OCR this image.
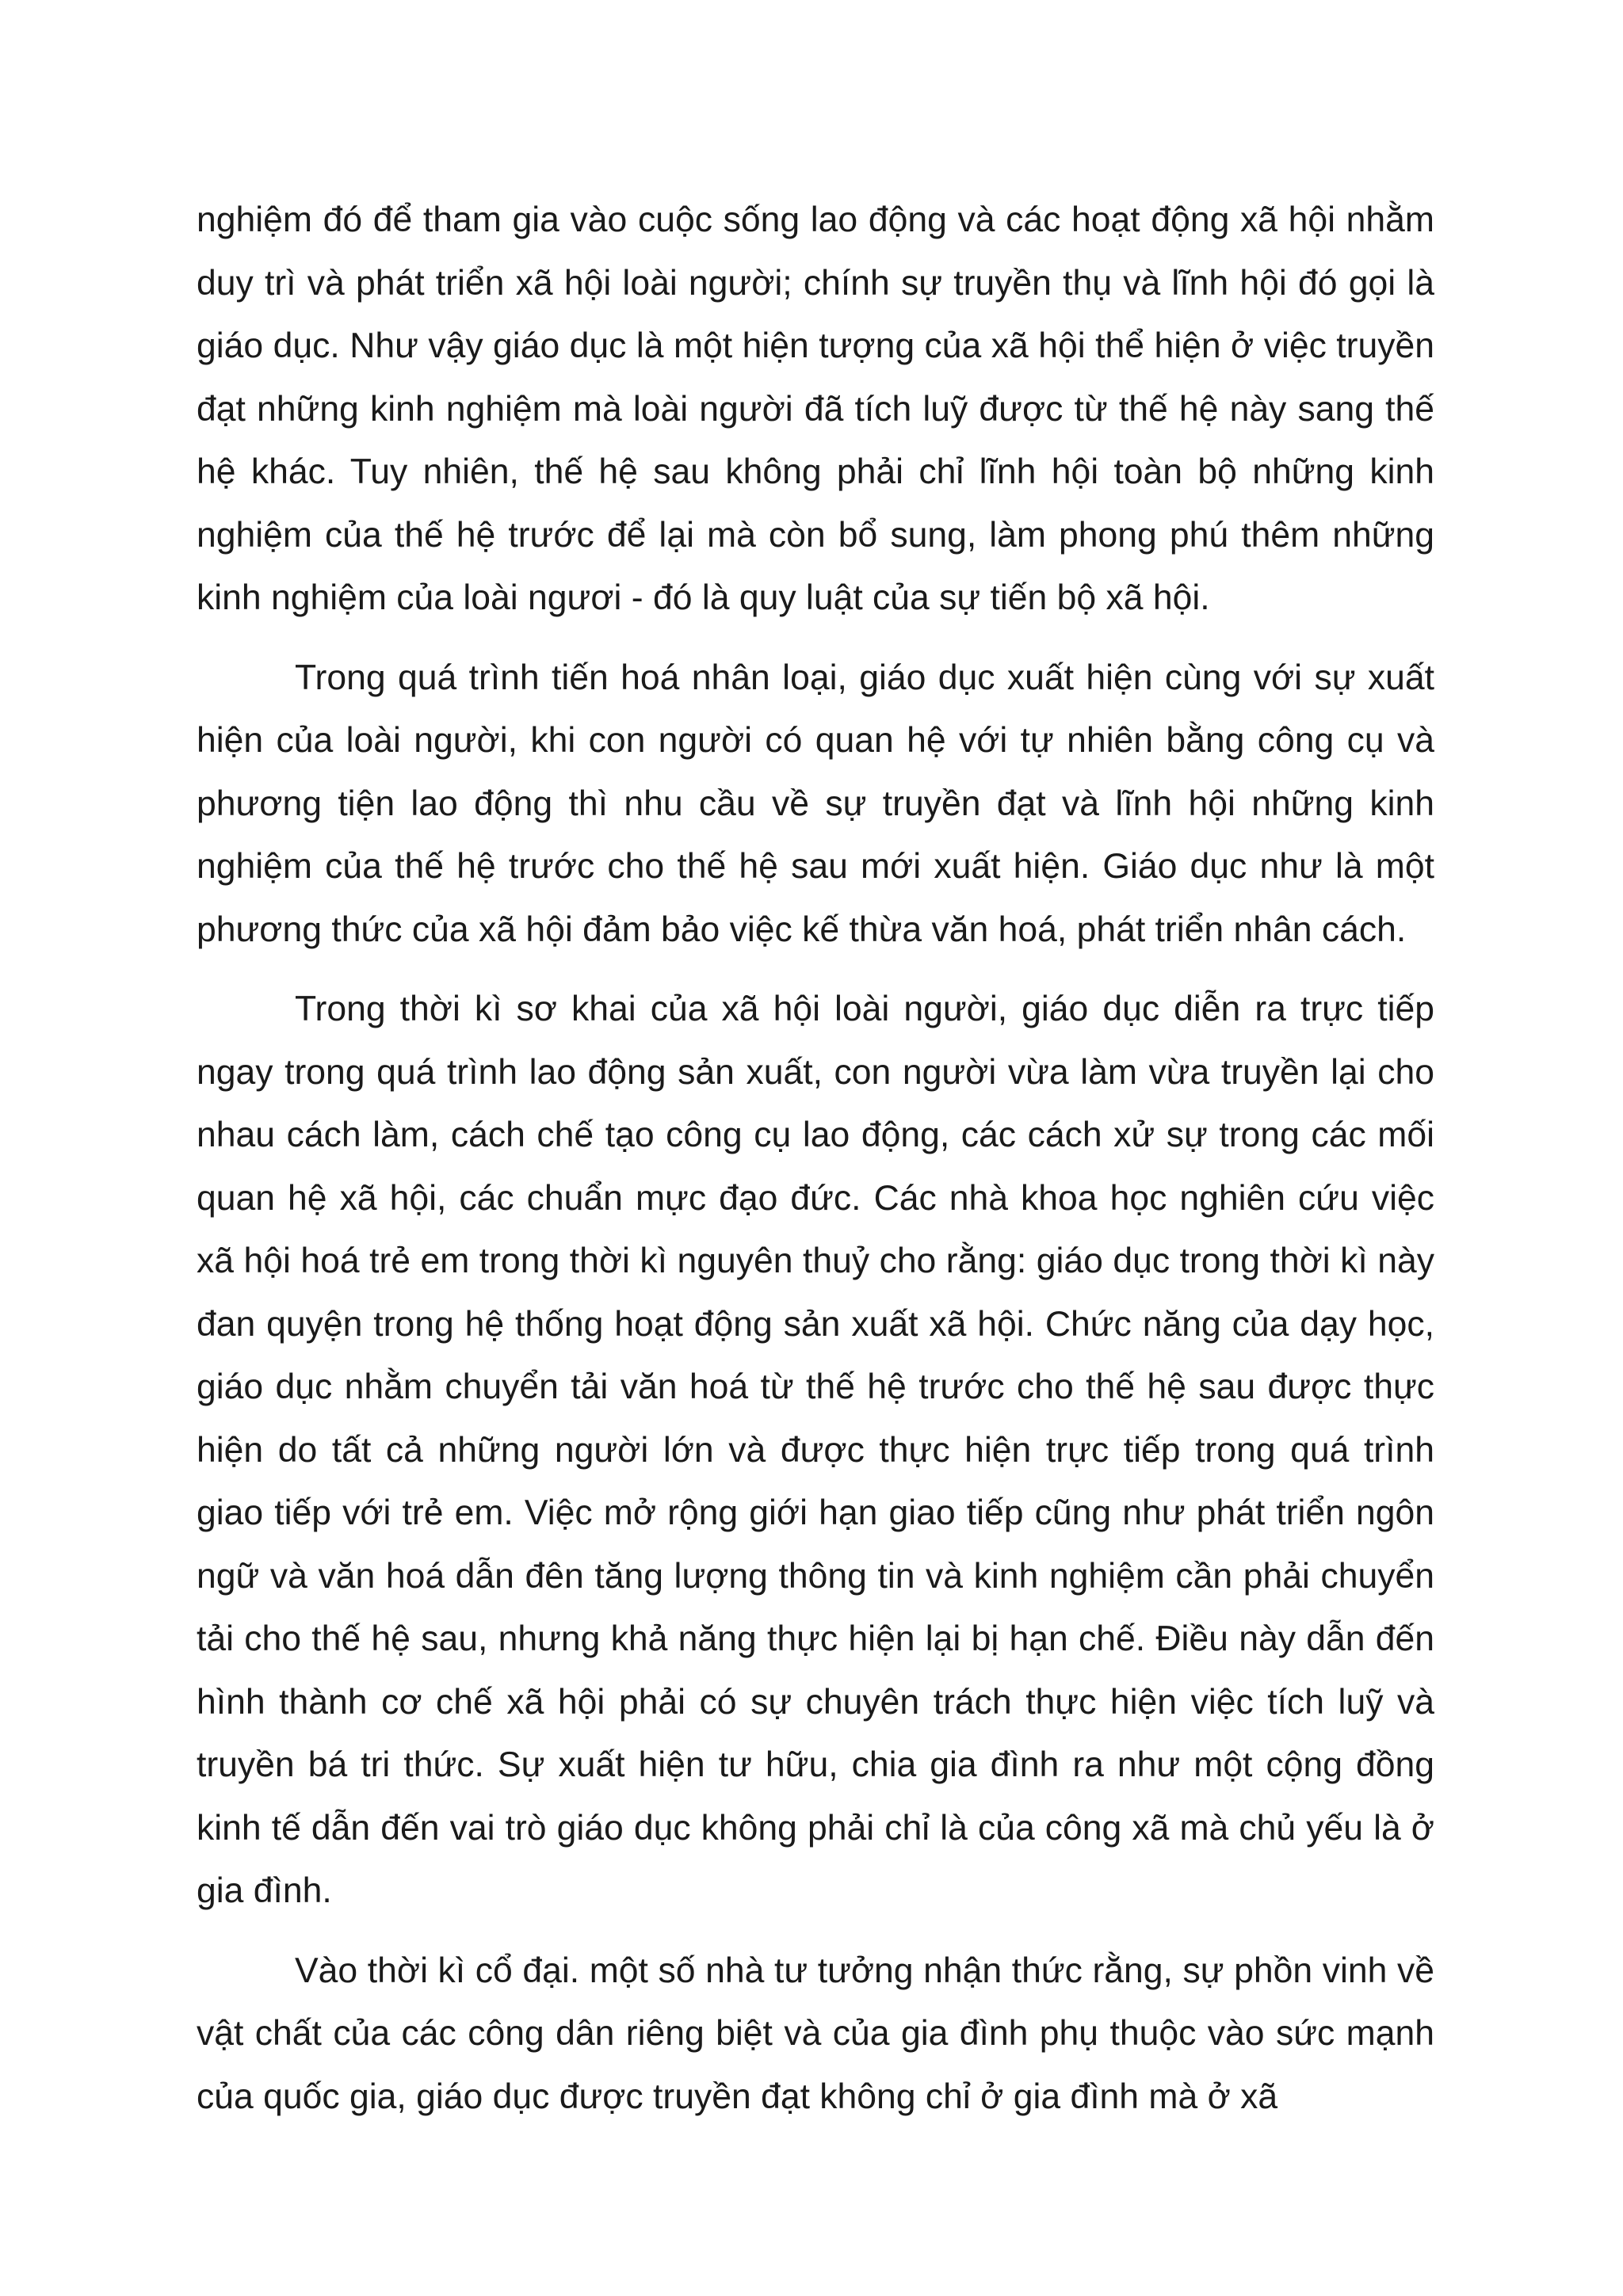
nghiệm đó để tham gia vào cuộc sống lao động và các hoạt động xã hội nhằm duy trì và phát triển xã hội loài người; chính sự truyền thụ và lĩnh hội đó gọi là giáo dục. Như vậy giáo dục là một hiện tượng của xã hội thể hiện ở việc truyền đạt những kinh nghiệm mà loài người đã tích luỹ được từ thế hệ này sang thế hệ khác. Tuy nhiên, thế hệ sau không phải chỉ lĩnh hội toàn bộ những kinh nghiệm của thế hệ trước để lại mà còn bổ sung, làm phong phú thêm những kinh nghiệm của loài ngươi - đó là quy luật của sự tiến bộ xã hội.

Trong quá trình tiến hoá nhân loại, giáo dục xuất hiện cùng với sự xuất hiện của loài người, khi con người có quan hệ với tự nhiên bằng công cụ và phương tiện lao động thì nhu cầu về sự truyền đạt và lĩnh hội những kinh nghiệm của thế hệ trước cho thế hệ sau mới xuất hiện. Giáo dục như là một phương thức của xã hội đảm bảo việc kế thừa văn hoá, phát triển nhân cách.

Trong thời kì sơ khai của xã hội loài người, giáo dục diễn ra trực tiếp ngay trong quá trình lao động sản xuất, con người vừa làm vừa truyền lại cho nhau cách làm, cách chế tạo công cụ lao động, các cách xử sự trong các mối quan hệ xã hội, các chuẩn mực đạo đức. Các nhà khoa học nghiên cứu việc xã hội hoá trẻ em trong thời kì nguyên thuỷ cho rằng: giáo dục trong thời kì này đan quyện trong hệ thống hoạt động sản xuất xã hội. Chức năng của dạy học, giáo dục nhằm chuyển tải văn hoá từ thế hệ trước cho thế hệ sau được thực hiện do tất cả những người lớn và được thực hiện trực tiếp trong quá trình giao tiếp với trẻ em. Việc mở rộng giới hạn giao tiếp cũng như phát triển ngôn ngữ và văn hoá dẫn đên tăng lượng thông tin và kinh nghiệm cần phải chuyển tải cho thế hệ sau, nhưng khả năng thực hiện lại bị hạn chế. Điều này dẫn đến hình thành cơ chế xã hội phải có sự chuyên trách thực hiện việc tích luỹ và truyền bá tri thức. Sự xuất hiện tư hữu, chia gia đình ra như một cộng đồng kinh tế dẫn đến vai trò giáo dục không phải chỉ là của công xã mà chủ yếu là ở gia đình.

Vào thời kì cổ đại. một số nhà tư tưởng nhận thức rằng, sự phồn vinh về vật chất của các công dân riêng biệt và của gia đình phụ thuộc vào sức mạnh của quốc gia, giáo dục được truyền đạt không chỉ ở gia đình mà ở xã
